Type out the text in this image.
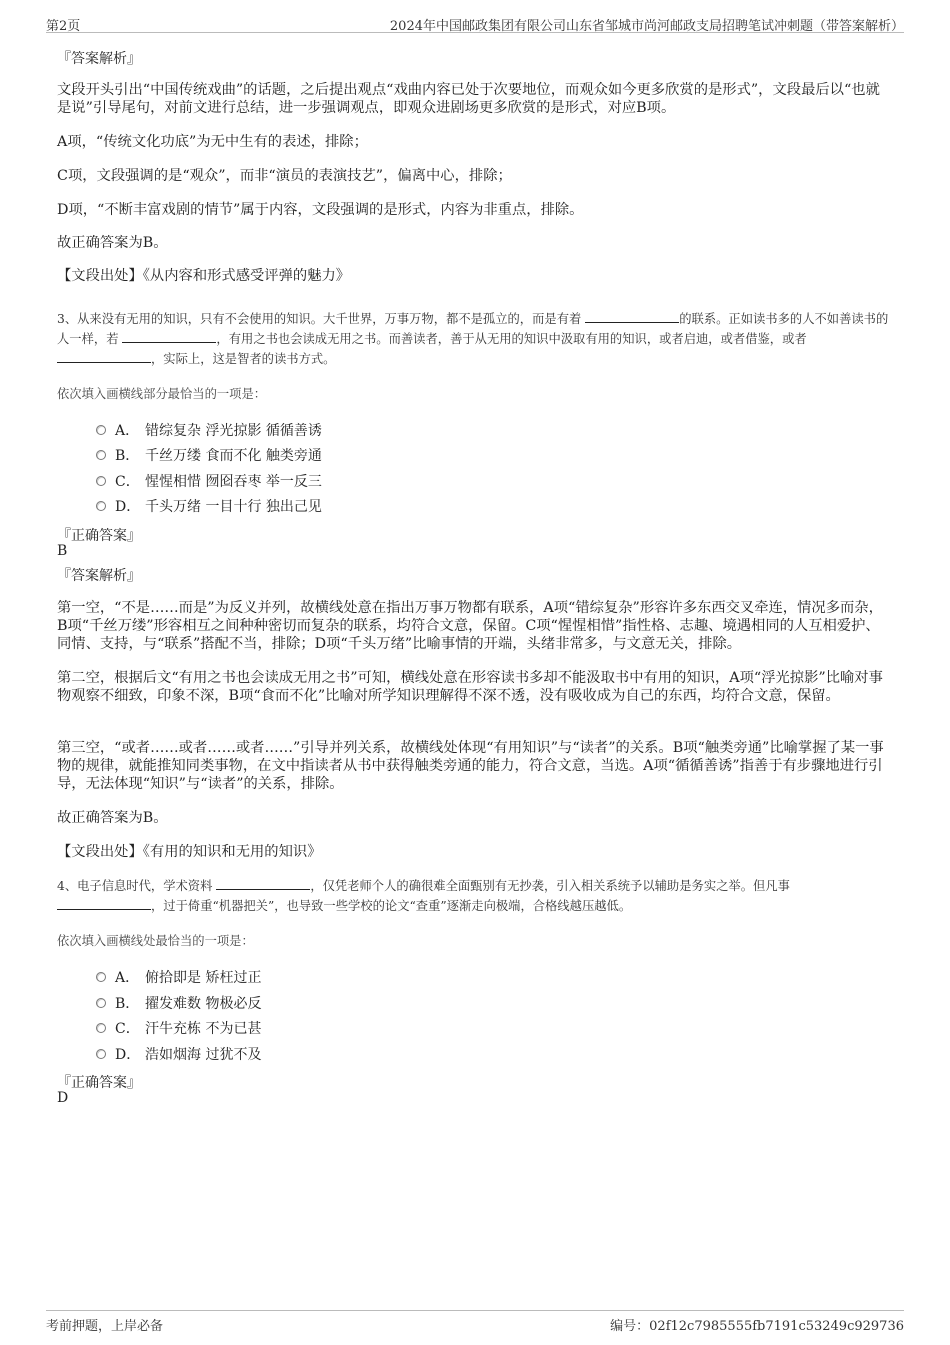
第2页	2024年中国邮政集团有限公司山东省邹城市尚河邮政支局招聘笔试冲刺题（带答案解析）
『答案解析』

文段开头引出“中国传统戏曲”的话题，之后提出观点“戏曲内容已处于次要地位，而观众如今更多欣赏的是形式”，文段最后以“也就是说”引导尾句，对前文进行总结，进一步强调观点，即观众进剧场更多欣赏的是形式，对应B项。

A项，“传统文化功底”为无中生有的表述，排除；

C项，文段强调的是“观众”，而非“演员的表演技艺”，偏离中心，排除；

D项，“不断丰富戏剧的情节”属于内容，文段强调的是形式，内容为非重点，排除。

故正确答案为B。

【文段出处】《从内容和形式感受评弹的魅力》

3、从来没有无用的知识，只有不会使用的知识。大千世界，万事万物，都不是孤立的，而是有着	的联系。正如读书多的人不如善读书的人一样，若	，有用之书也会读成无用之书。而善读者，善于从无用的知识中汲取有用的知识，或者启迪，或者借鉴，或者 ，实际上，这是智者的读书方式。

依次填入画横线部分最恰当的一项是：
A． 错综复杂 浮光掠影 循循善诱
B． 千丝万缕 食而不化 触类旁通
C． 惺惺相惜 囫囵吞枣 举一反三
D． 千头万绪 一目十行 独出己见
『正确答案』
B
『答案解析』

第一空，“不是……而是”为反义并列，故横线处意在指出万事万物都有联系，A项“错综复杂”形容许多东西交叉牵连，情况多而杂，B项“千丝万缕”形容相互之间种种密切而复杂的联系，均符合文意，保留。C项“惺惺相惜”指性格、志趣、境遇相同的人互相爱护、同情、支持，与“联系”搭配不当，排除；D项“千头万绪”比喻事情的开端，头绪非常多，与文意无关，排除。

第二空，根据后文“有用之书也会读成无用之书”可知，横线处意在形容读书多却不能汲取书中有用的知识，A项“浮光掠影”比喻对事物观察不细致，印象不深，B项“食而不化”比喻对所学知识理解得不深不透，没有吸收成为自己的东西，均符合文意，保留。

第三空，“或者……或者……或者……”引导并列关系，故横线处体现“有用知识”与“读者”的关系。B项“触类旁通”比喻掌握了某一事物的规律，就能推知同类事物，在文中指读者从书中获得触类旁通的能力，符合文意，当选。A项“循循善诱”指善于有步骤地进行引导，无法体现“知识”与“读者”的关系，排除。

故正确答案为B。

【文段出处】《有用的知识和无用的知识》

4、电子信息时代，学术资料	，仅凭老师个人的确很难全面甄别有无抄袭，引入相关系统予以辅助是务实之举。但凡事
，过于倚重“机器把关”，也导致一些学校的论文“查重”逐渐走向极端，合格线越压越低。

依次填入画横线处最恰当的一项是：
A． 俯拾即是 矫枉过正
B． 擢发难数 物极必反
C． 汗牛充栋 不为已甚
D． 浩如烟海 过犹不及
『正确答案』
D
考前押题，上岸必备	编号：02f12c7985555fb7191c53249c929736
